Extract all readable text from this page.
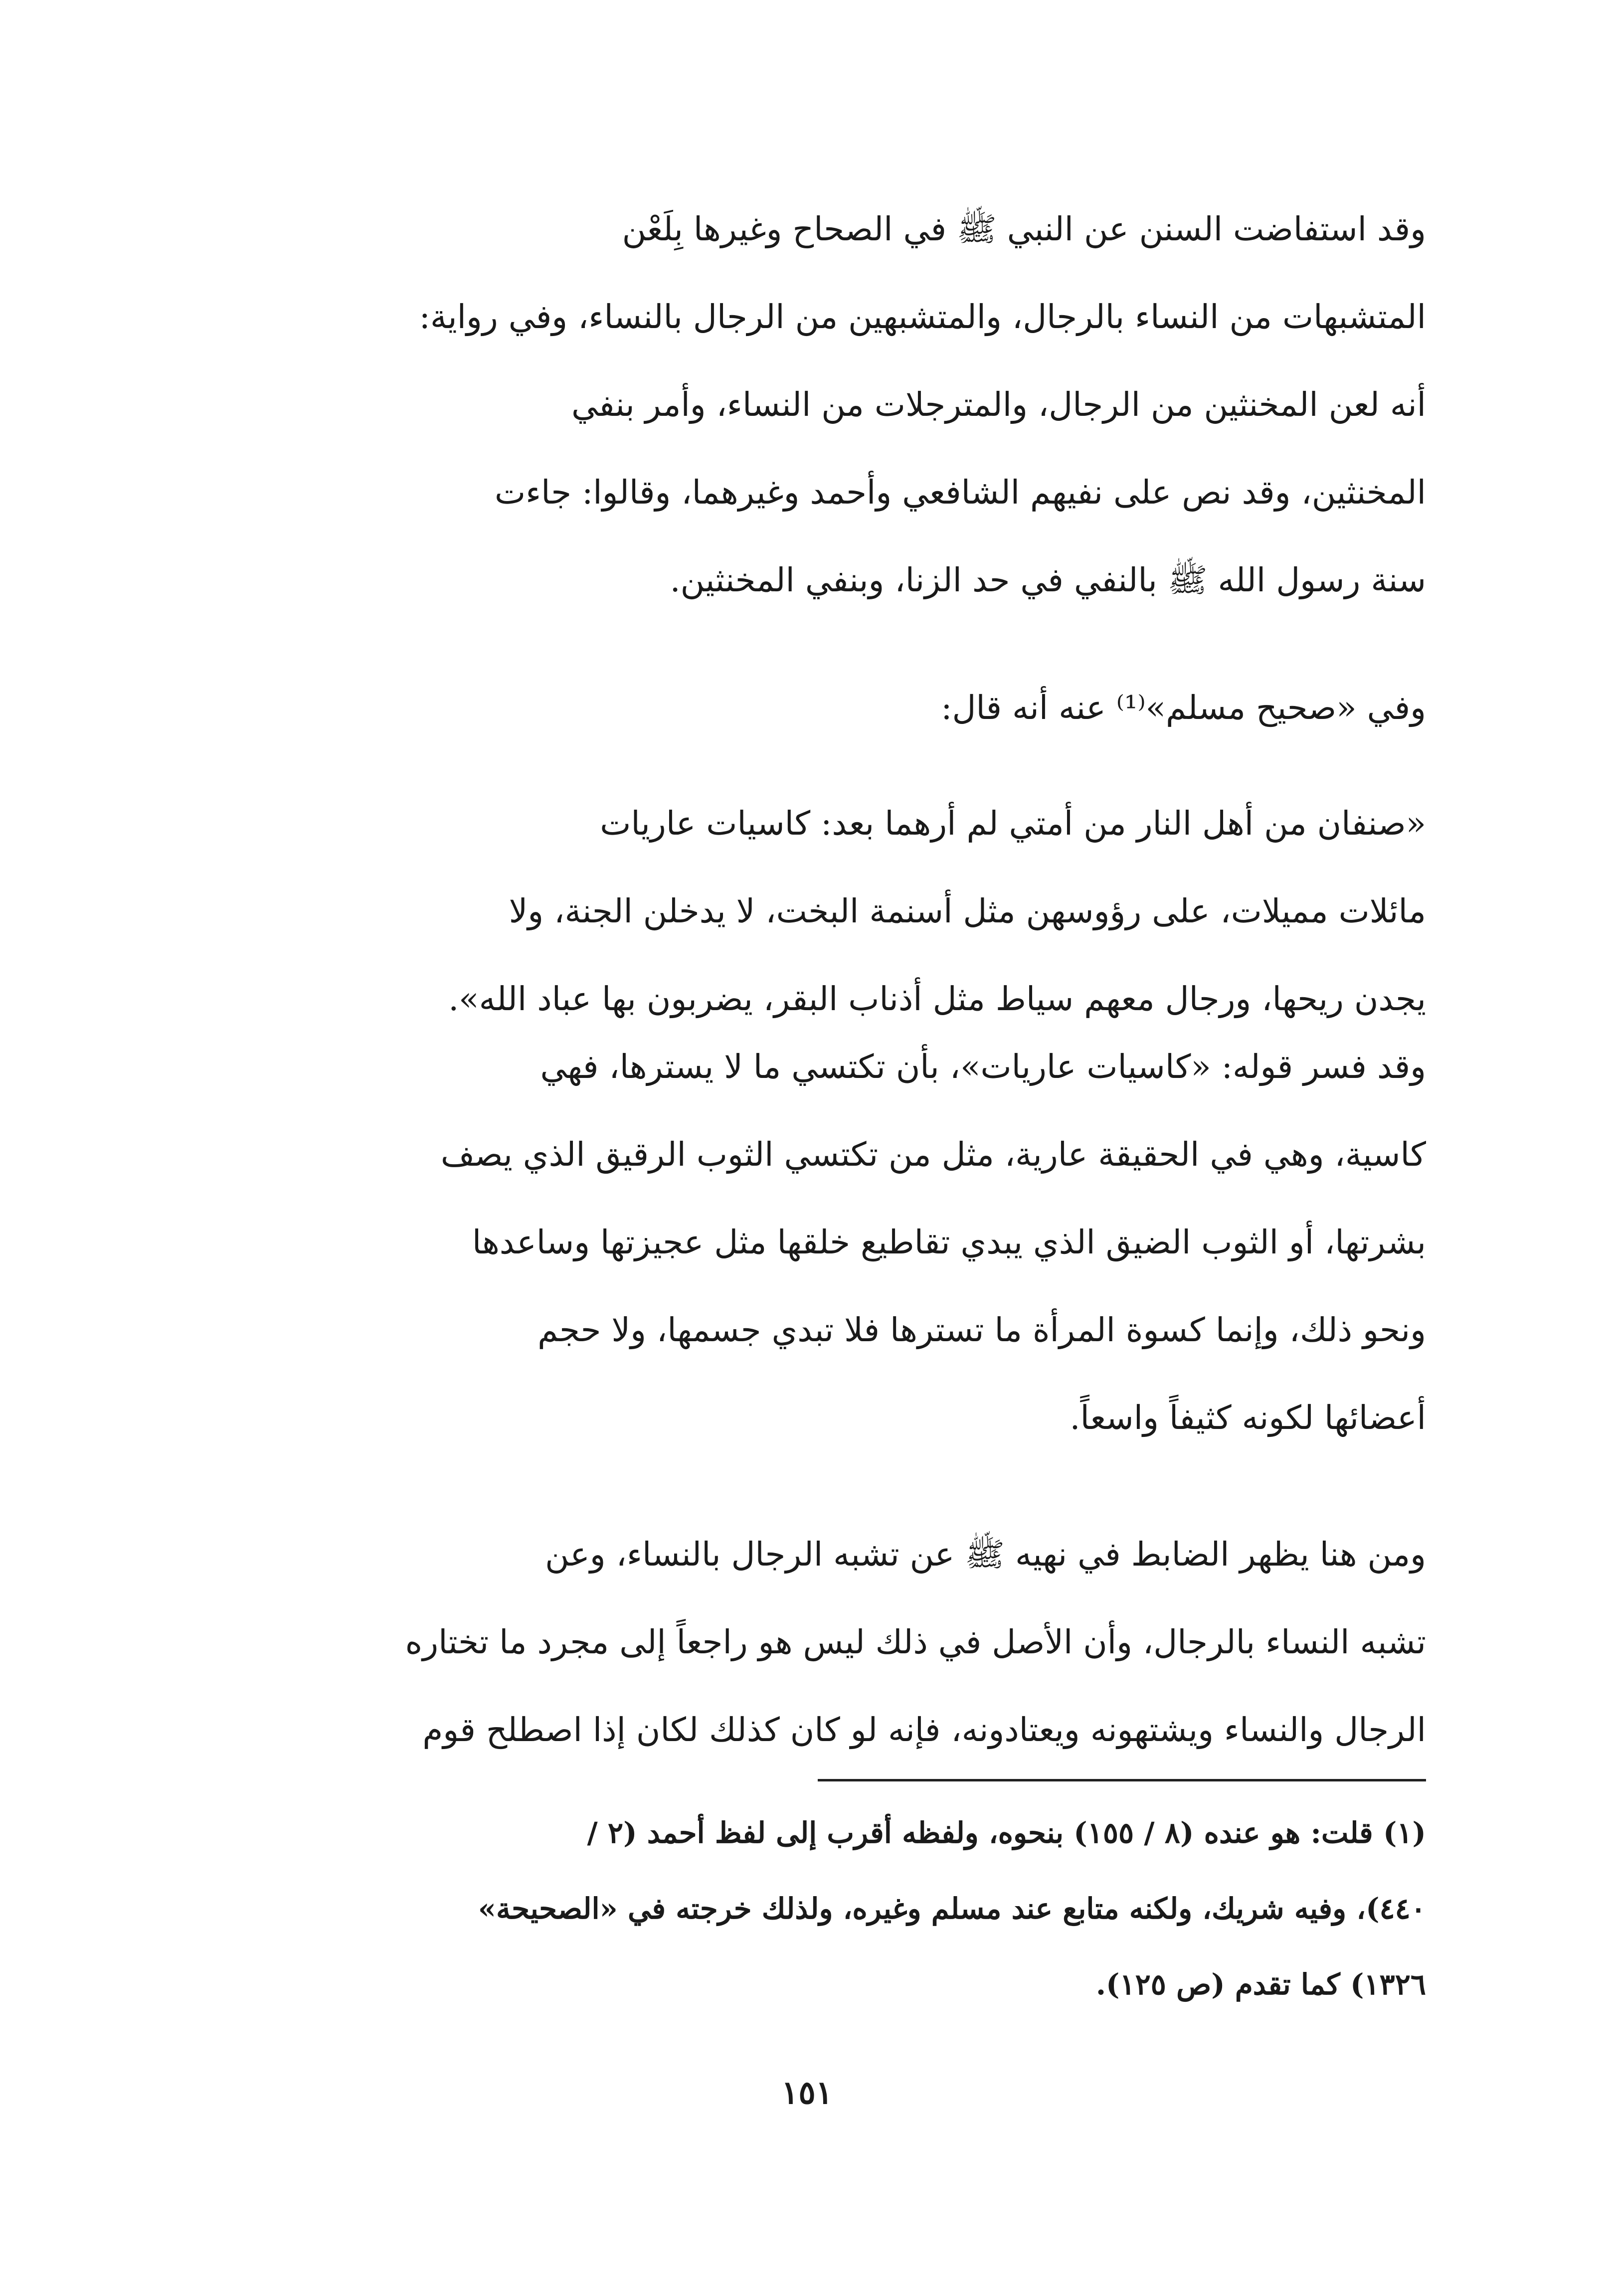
وقد استفاضت السنن عن النبي ﷺ في الصحاح وغيرها بِلَعْن
المتشبهات من النساء بالرجال، والمتشبهين من الرجال بالنساء، وفي رواية:
أنه لعن المخنثين من الرجال، والمترجلات من النساء، وأمر بنفي
المخنثين، وقد نص على نفيهم الشافعي وأحمد وغيرهما، وقالوا: جاءت
سنة رسول الله ﷺ بالنفي في حد الزنا، وبنفي المخنثين.
وفي «صحيح مسلم»⁽¹⁾ عنه أنه قال:
«صنفان من أهل النار من أمتي لم أرهما بعد: كاسيات عاريات
مائلات مميلات، على رؤوسهن مثل أسنمة البخت، لا يدخلن الجنة، ولا
يجدن ريحها، ورجال معهم سياط مثل أذناب البقر، يضربون بها عباد الله».
وقد فسر قوله: «كاسيات عاريات»، بأن تكتسي ما لا يسترها، فهي
كاسية، وهي في الحقيقة عارية، مثل من تكتسي الثوب الرقيق الذي يصف
بشرتها، أو الثوب الضيق الذي يبدي تقاطيع خلقها مثل عجيزتها وساعدها
ونحو ذلك، وإنما كسوة المرأة ما تسترها فلا تبدي جسمها، ولا حجم
أعضائها لكونه كثيفاً واسعاً.
ومن هنا يظهر الضابط في نهيه ﷺ عن تشبه الرجال بالنساء، وعن
تشبه النساء بالرجال، وأن الأصل في ذلك ليس هو راجعاً إلى مجرد ما تختاره
الرجال والنساء ويشتهونه ويعتادونه، فإنه لو كان كذلك لكان إذا اصطلح قوم
(١) قلت: هو عنده (٨ / ١٥٥) بنحوه، ولفظه أقرب إلى لفظ أحمد (٢ /
٤٤٠)، وفيه شريك، ولكنه متابع عند مسلم وغيره، ولذلك خرجته في «الصحيحة»
١٣٢٦) كما تقدم (ص ١٢٥).
١٥١
